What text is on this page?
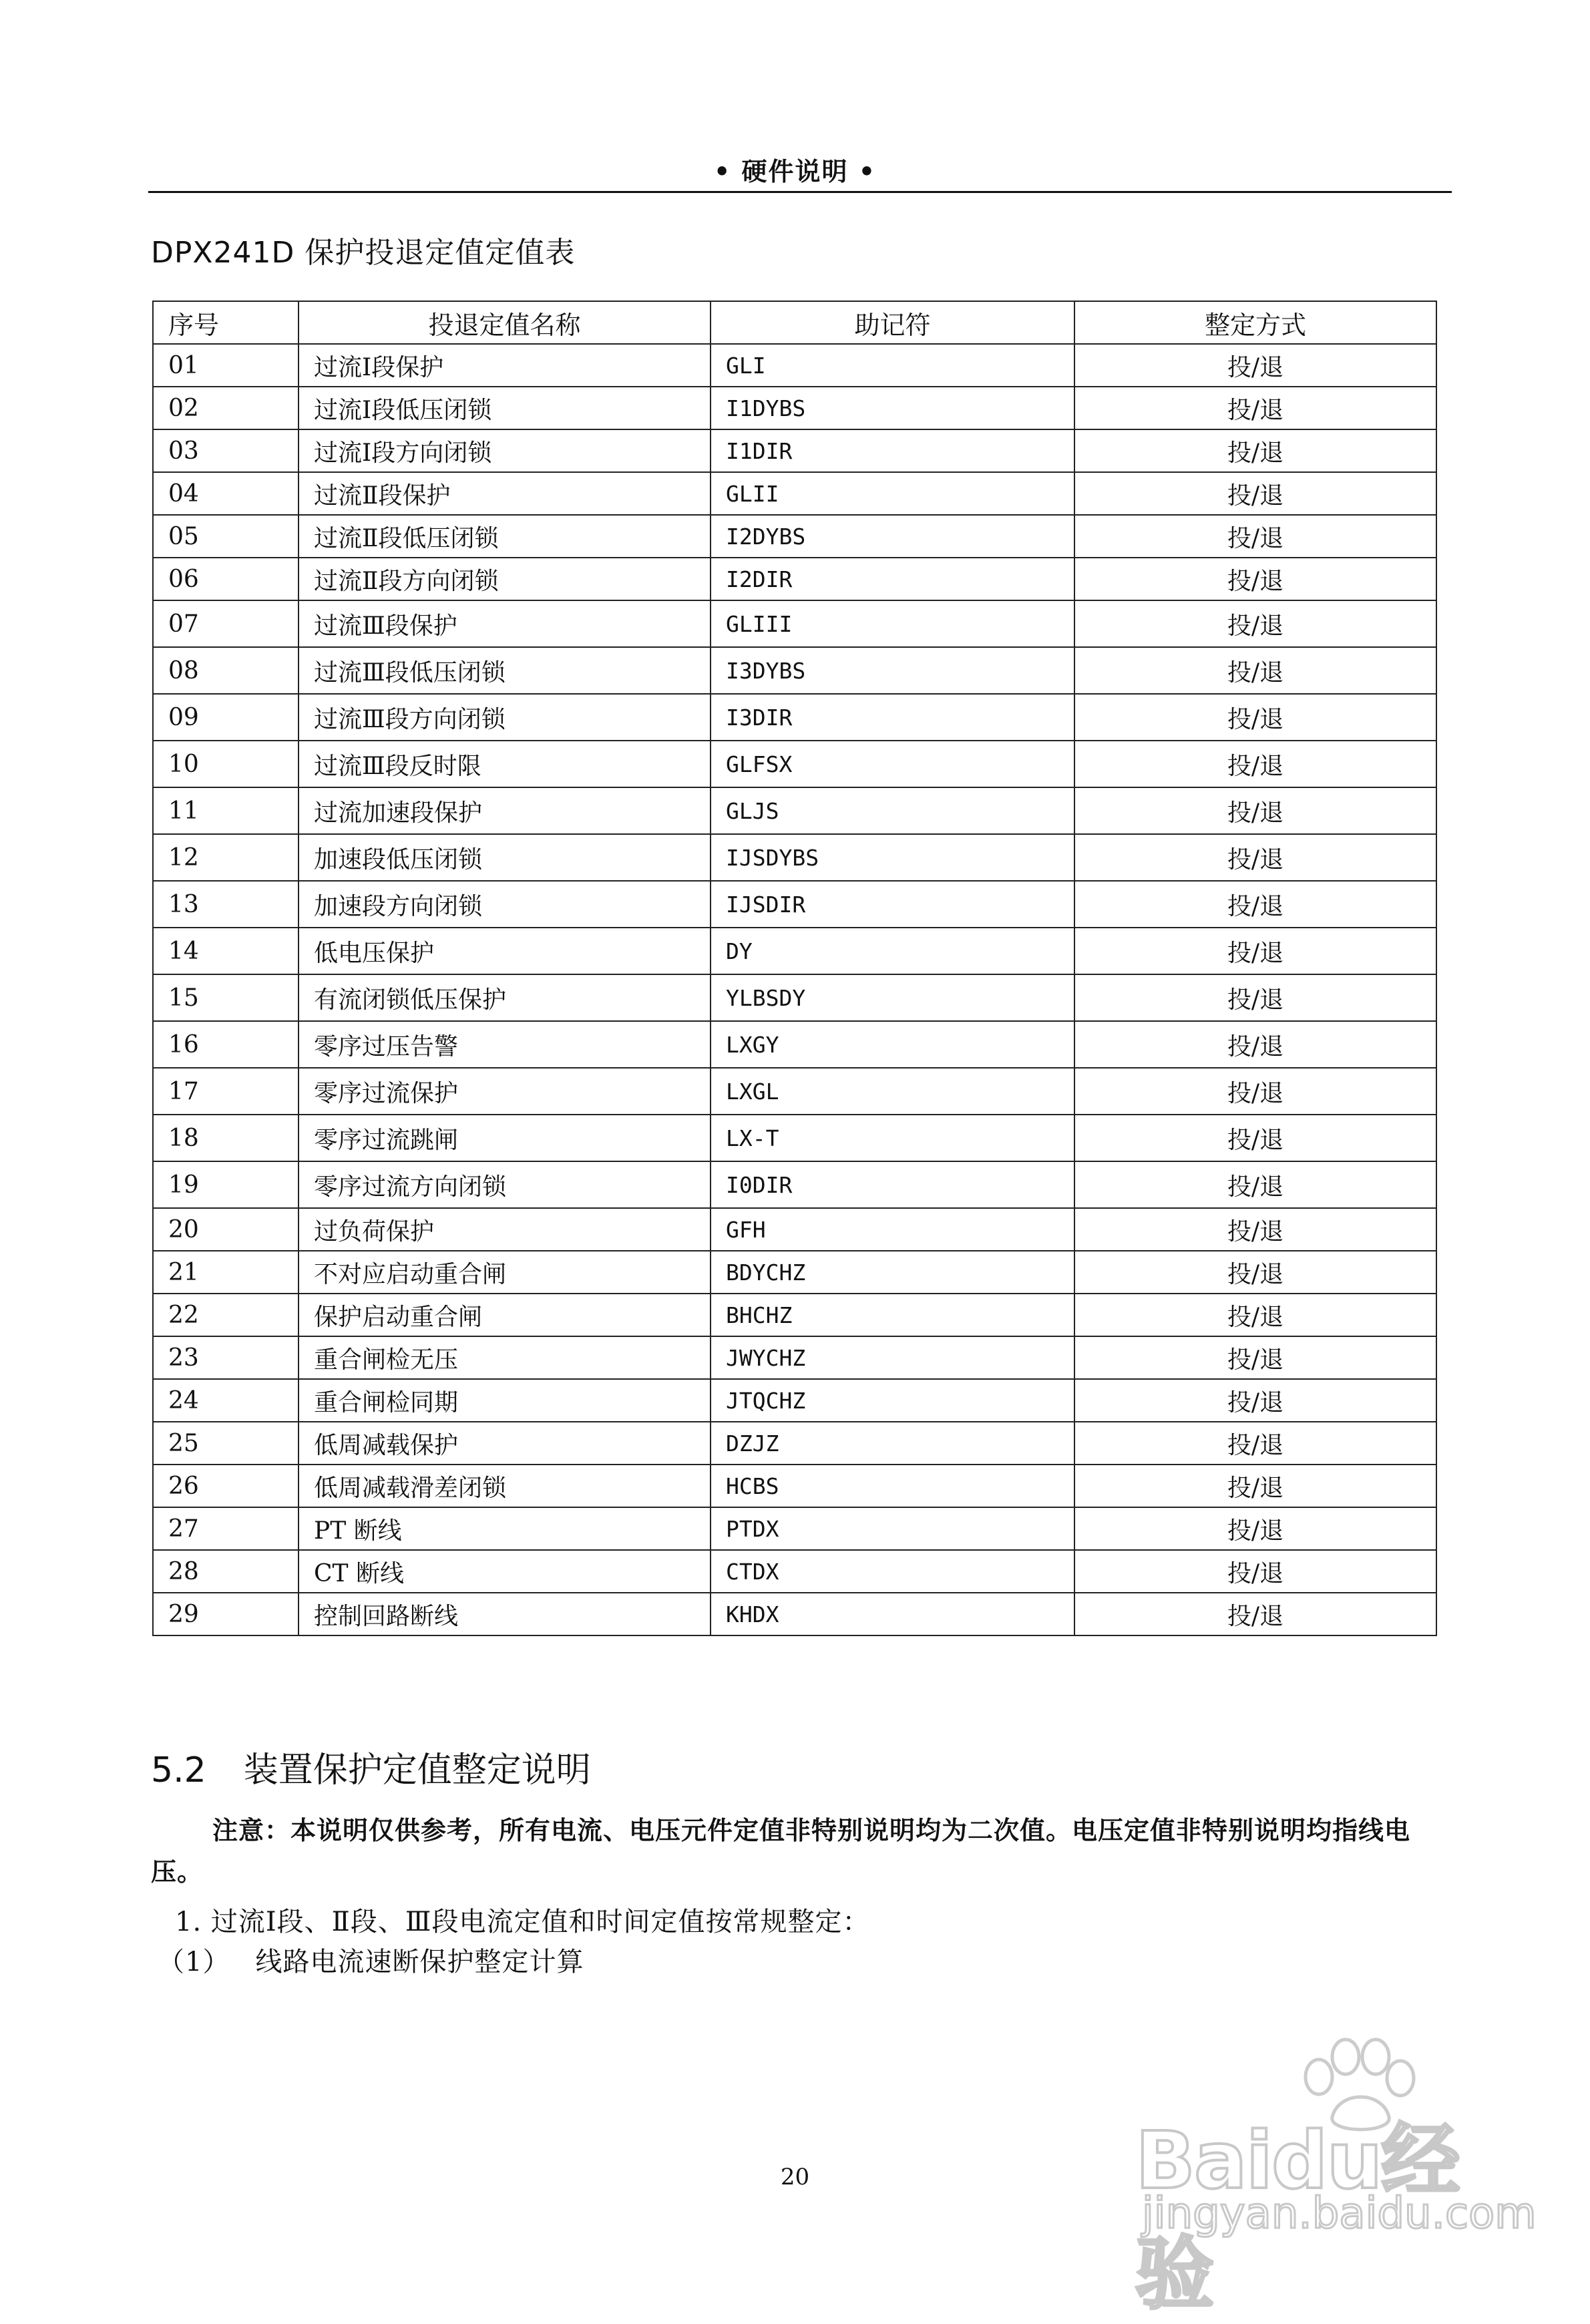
• 硬件说明 •
DPX241D 保护投退定值定值表
序号	投退定值名称	助记符	整定方式
01	过流Ⅰ段保护	GLI	投/退
02	过流Ⅰ段低压闭锁	I1DYBS	投/退
03	过流Ⅰ段方向闭锁	I1DIR	投/退
04	过流Ⅱ段保护	GLII	投/退
05	过流Ⅱ段低压闭锁	I2DYBS	投/退
06	过流Ⅱ段方向闭锁	I2DIR	投/退
07	过流Ⅲ段保护	GLIII	投/退
08	过流Ⅲ段低压闭锁	I3DYBS	投/退
09	过流Ⅲ段方向闭锁	I3DIR	投/退
10	过流Ⅲ段反时限	GLFSX	投/退
11	过流加速段保护	GLJS	投/退
12	加速段低压闭锁	IJSDYBS	投/退
13	加速段方向闭锁	IJSDIR	投/退
14	低电压保护	DY	投/退
15	有流闭锁低压保护	YLBSDY	投/退
16	零序过压告警	LXGY	投/退
17	零序过流保护	LXGL	投/退
18	零序过流跳闸	LX-T	投/退
19	零序过流方向闭锁	I0DIR	投/退
20	过负荷保护	GFH	投/退
21	不对应启动重合闸	BDYCHZ	投/退
22	保护启动重合闸	BHCHZ	投/退
23	重合闸检无压	JWYCHZ	投/退
24	重合闸检同期	JTQCHZ	投/退
25	低周减载保护	DZJZ	投/退
26	低周减载滑差闭锁	HCBS	投/退
27	PT 断线	PTDX	投/退
28	CT 断线	CTDX	投/退
29	控制回路断线	KHDX	投/退
5.2 装置保护定值整定说明
注意：本说明仅供参考，所有电流、电压元件定值非特别说明均为二次值。电压定值非特别说明均指线电压。
1. 过流Ⅰ段、Ⅱ段、Ⅲ段电流定值和时间定值按常规整定：
（1） 线路电流速断保护整定计算
20	Baidu经验
jingyan.baidu.com
